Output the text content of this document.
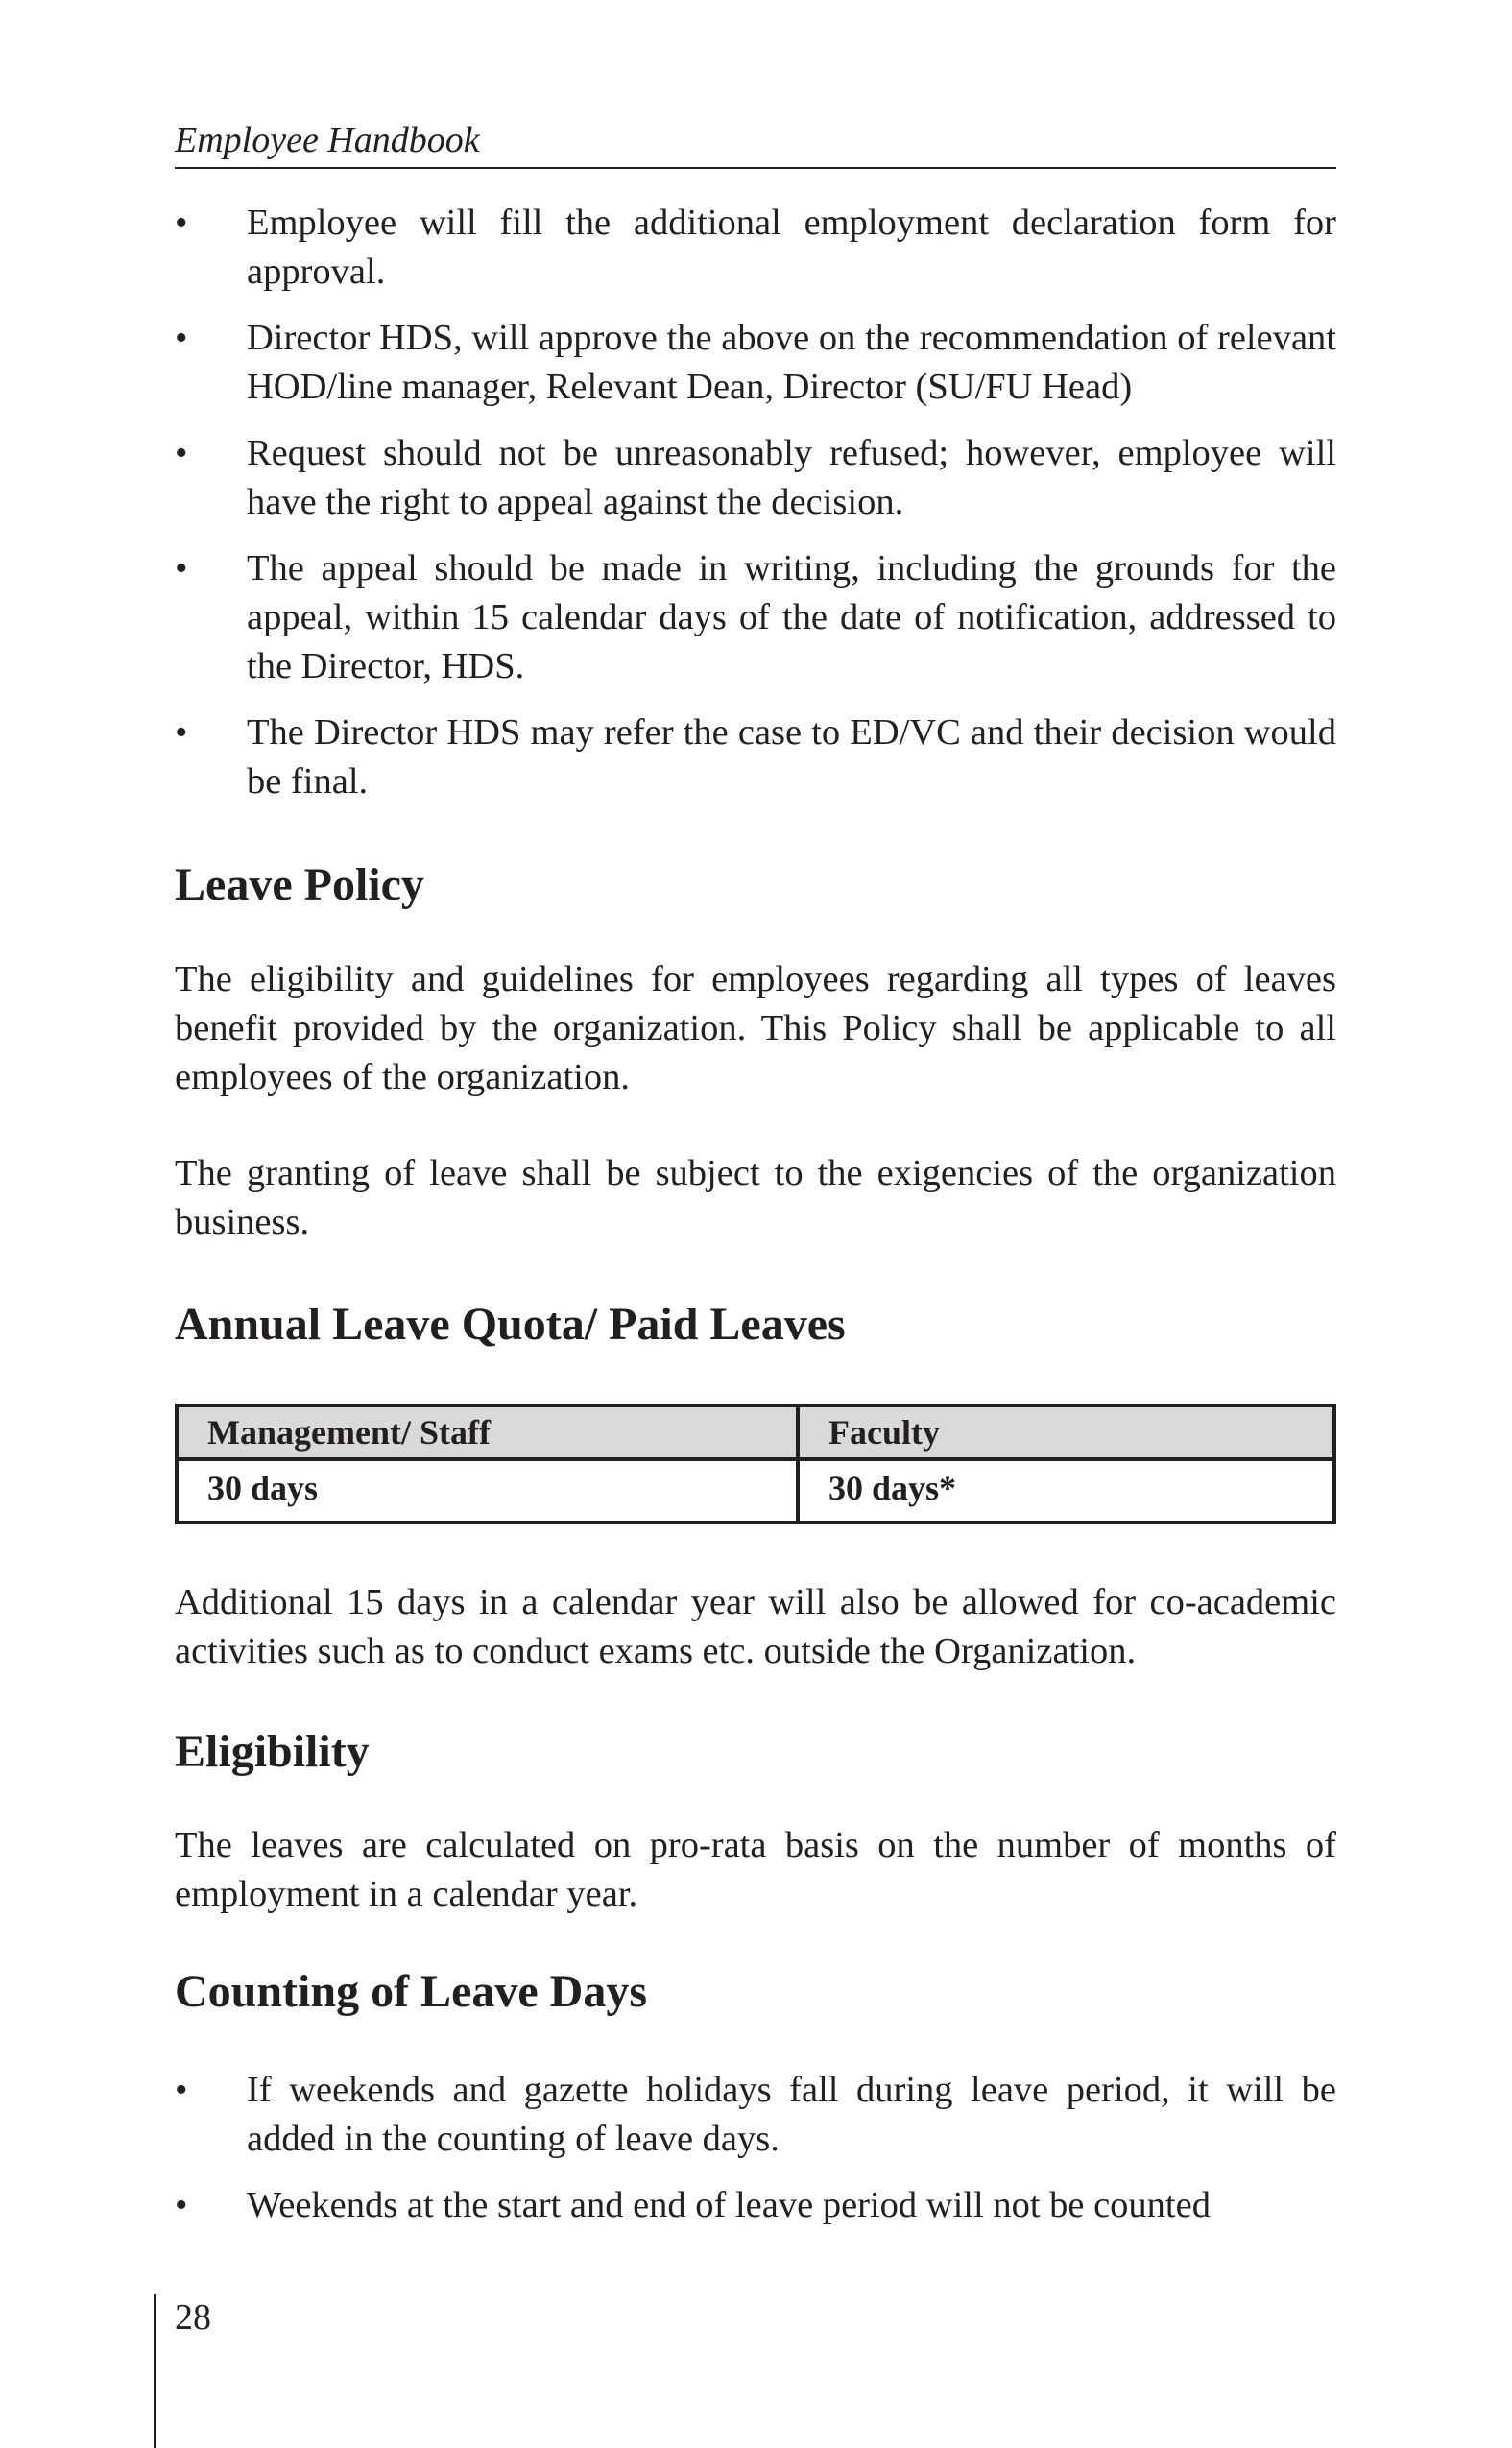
Employee Handbook
•	Employee will fill the additional employment declaration form for approval.
•	Director HDS, will approve the above on the recommendation of relevant HOD/line manager, Relevant Dean, Director (SU/FU Head)
•	Request should not be unreasonably refused; however, employee will have the right to appeal against the decision.
•	The appeal should be made in writing, including the grounds for the appeal, within 15 calendar days of the date of notification, addressed to the Director, HDS.
•	The Director HDS may refer the case to ED/VC and their decision would be final.
Leave Policy

The eligibility and guidelines for employees regarding all types of leaves benefit provided by the organization. This Policy shall be applicable to all employees of the organization.

The granting of leave shall be subject to the exigencies of the organization business.

Annual Leave Quota/ Paid Leaves
Management/ Staff	Faculty
30 days	30 days*

Additional 15 days in a calendar year will also be allowed for co-academic activities such as to conduct exams etc. outside the Organization.

Eligibility

The leaves are calculated on pro-rata basis on the number of months of employment in a calendar year.

Counting of Leave Days
•	If weekends and gazette holidays fall during leave period, it will be added in the counting of leave days.
•	Weekends at the start and end of leave period will not be counted
28
